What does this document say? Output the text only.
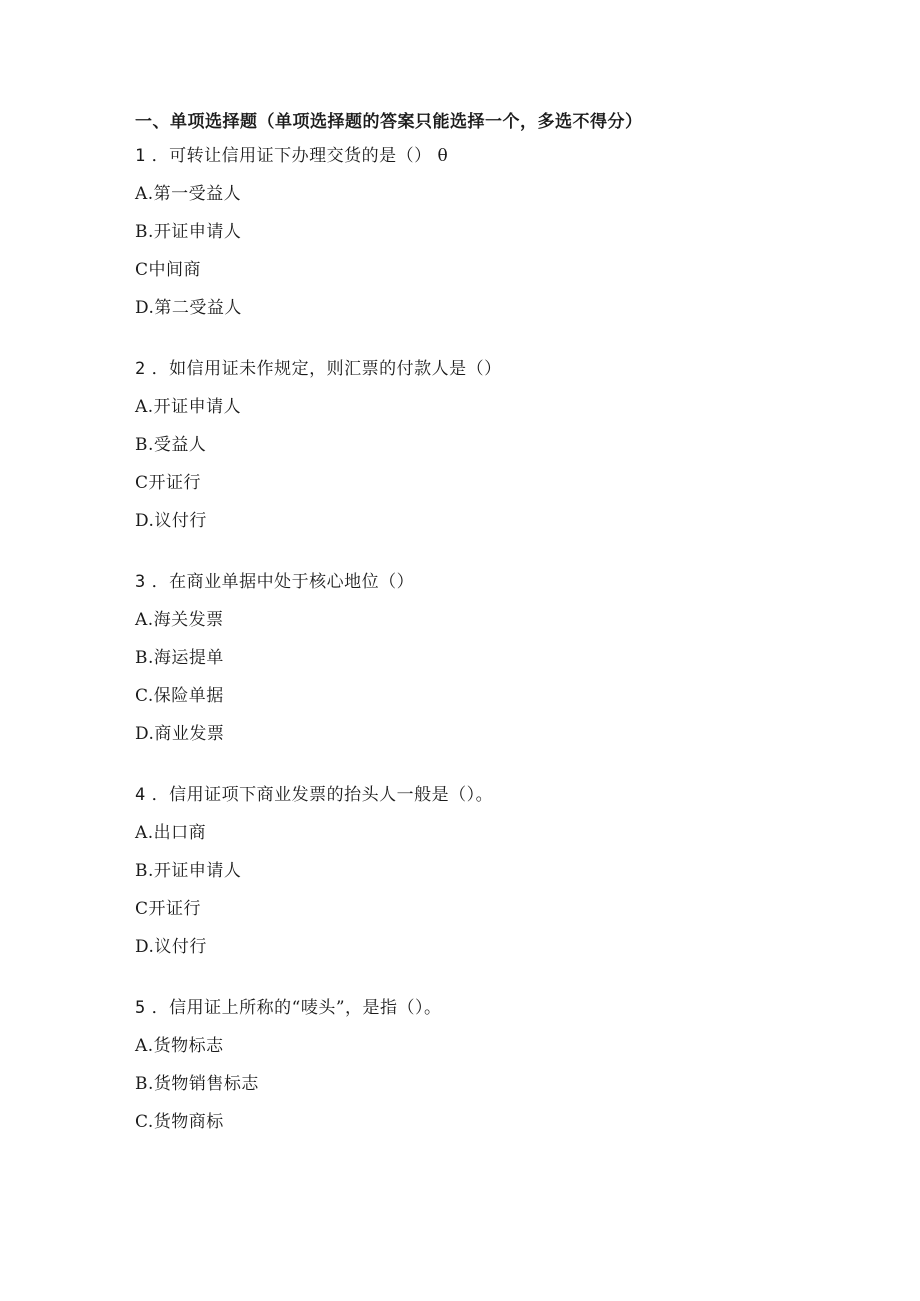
一、单项选择题（单项选择题的答案只能选择一个，多选不得分）
1 ．可转让信用证下办理交货的是（） θ
A.第一受益人
B.开证申请人
C中间商
D.第二受益人
2 ．如信用证未作规定，则汇票的付款人是（）
A.开证申请人
B.受益人
C开证行
D.议付行
3 ．在商业单据中处于核心地位（）
A.海关发票
B.海运提单
C.保险单据
D.商业发票
4 ．信用证项下商业发票的抬头人一般是（）。
A.出口商
B.开证申请人
C开证行
D.议付行
5 ．信用证上所称的“唛头”，是指（）。
A.货物标志
B.货物销售标志
C.货物商标
